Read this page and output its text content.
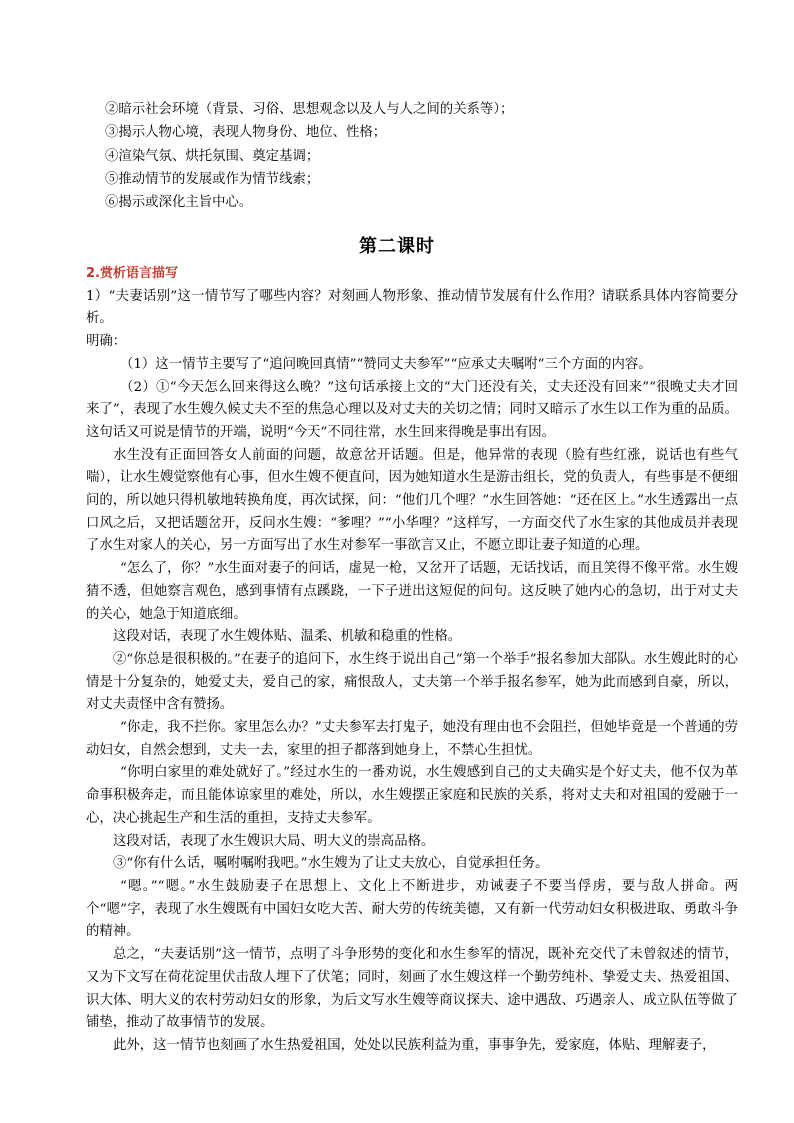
②暗示社会环境（背景、习俗、思想观念以及人与人之间的关系等）；
③揭示人物心境，表现人物身份、地位、性格；
④渲染气氛、烘托氛围、奠定基调；
⑤推动情节的发展或作为情节线索；
⑥揭示或深化主旨中心。
第二课时
2.赏析语言描写

1）“夫妻话别”这一情节写了哪些内容？对刻画人物形象、推动情节发展有什么作用？请联系具体内容简要分析。

明确：

（1）这一情节主要写了“追问晚回真情”“赞同丈夫参军”“应承丈夫嘱咐”三个方面的内容。

（2）①“今天怎么回来得这么晚？”这句话承接上文的“大门还没有关，丈夫还没有回来”“很晚丈夫才回来了”，表现了水生嫂久候丈夫不至的焦急心理以及对丈夫的关切之情；同时又暗示了水生以工作为重的品质。这句话又可说是情节的开端，说明“今天”不同往常，水生回来得晚是事出有因。

水生没有正面回答女人前面的问题，故意岔开话题。但是，他异常的表现（脸有些红涨，说话也有些气喘），让水生嫂觉察他有心事，但水生嫂不便直问，因为她知道水生是游击组长，党的负责人，有些事是不便细问的，所以她只得机敏地转换角度，再次试探，问：“他们几个哩？”水生回答她：“还在区上。”水生透露出一点口风之后，又把话题岔开，反问水生嫂：“爹哩？”“小华哩？”这样写，一方面交代了水生家的其他成员并表现了水生对家人的关心，另一方面写出了水生对参军一事欲言又止，不愿立即让妻子知道的心理。

“怎么了，你？”水生面对妻子的问话，虚晃一枪，又岔开了话题，无话找话，而且笑得不像平常。水生嫂猜不透，但她察言观色，感到事情有点蹊跷，一下子迸出这短促的问句。这反映了她内心的急切，出于对丈夫的关心，她急于知道底细。

这段对话，表现了水生嫂体贴、温柔、机敏和稳重的性格。

②“你总是很积极的。”在妻子的追问下，水生终于说出自己“第一个举手”报名参加大部队。水生嫂此时的心情是十分复杂的，她爱丈夫，爱自己的家，痛恨敌人，丈夫第一个举手报名参军，她为此而感到自豪，所以，对丈夫责怪中含有赞扬。

“你走，我不拦你。家里怎么办？”丈夫参军去打鬼子，她没有理由也不会阻拦，但她毕竟是一个普通的劳动妇女，自然会想到，丈夫一去，家里的担子都落到她身上，不禁心生担忧。

“你明白家里的难处就好了。”经过水生的一番劝说，水生嫂感到自己的丈夫确实是个好丈夫，他不仅为革命事积极奔走，而且能体谅家里的难处，所以，水生嫂摆正家庭和民族的关系，将对丈夫和对祖国的爱融于一心，决心挑起生产和生活的重担，支持丈夫参军。

这段对话，表现了水生嫂识大局、明大义的崇高品格。

③“你有什么话，嘱咐嘱咐我吧。”水生嫂为了让丈夫放心，自觉承担任务。

“嗯。”“嗯。”水生鼓励妻子在思想上、文化上不断进步，劝诫妻子不要当俘虏，要与敌人拼命。两个“嗯”字，表现了水生嫂既有中国妇女吃大苦、耐大劳的传统美德，又有新一代劳动妇女积极进取、勇敢斗争的精神。

总之，“夫妻话别”这一情节，点明了斗争形势的变化和水生参军的情况，既补充交代了未曾叙述的情节，又为下文写在荷花淀里伏击敌人埋下了伏笔；同时，刻画了水生嫂这样一个勤劳纯朴、挚爱丈夫、热爱祖国、识大体、明大义的农村劳动妇女的形象，为后文写水生嫂等商议探夫、途中遇敌、巧遇亲人、成立队伍等做了铺垫，推动了故事情节的发展。

此外，这一情节也刻画了水生热爱祖国，处处以民族利益为重，事事争先，爱家庭，体贴、理解妻子，
